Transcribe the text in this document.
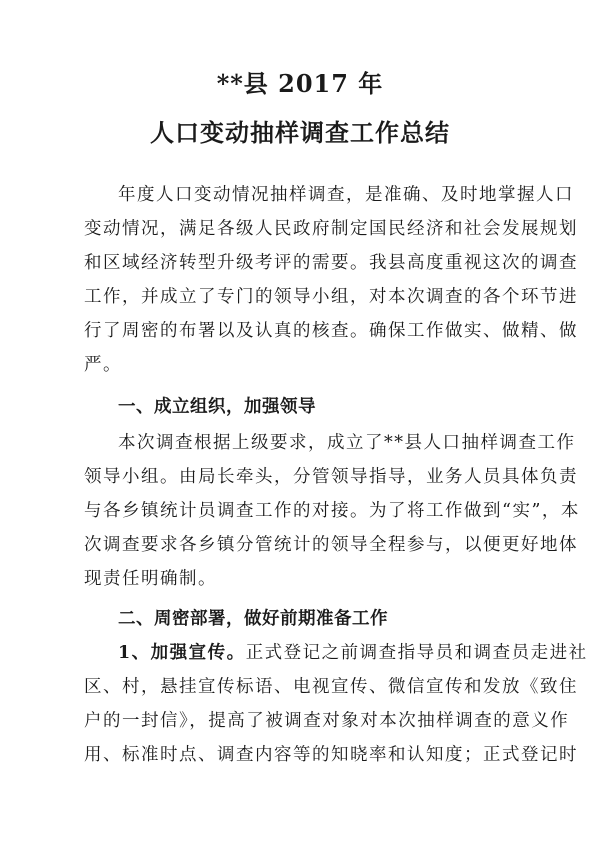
**县 2017 年
人口变动抽样调查工作总结
年度人口变动情况抽样调查，是准确、及时地掌握人口
变动情况，满足各级人民政府制定国民经济和社会发展规划
和区域经济转型升级考评的需要。我县高度重视这次的调查
工作，并成立了专门的领导小组，对本次调查的各个环节进
行了周密的布署以及认真的核查。确保工作做实、做精、做
严。
一、成立组织，加强领导
本次调查根据上级要求，成立了**县人口抽样调查工作
领导小组。由局长牵头，分管领导指导，业务人员具体负责
与各乡镇统计员调查工作的对接。为了将工作做到“实”，本
次调查要求各乡镇分管统计的领导全程参与，以便更好地体
现责任明确制。
二、周密部署，做好前期准备工作
1、加强宣传。正式登记之前调查指导员和调查员走进社
区、村，悬挂宣传标语、电视宣传、微信宣传和发放《致住
户的一封信》，提高了被调查对象对本次抽样调查的意义作
用、标准时点、调查内容等的知晓率和认知度；正式登记时
